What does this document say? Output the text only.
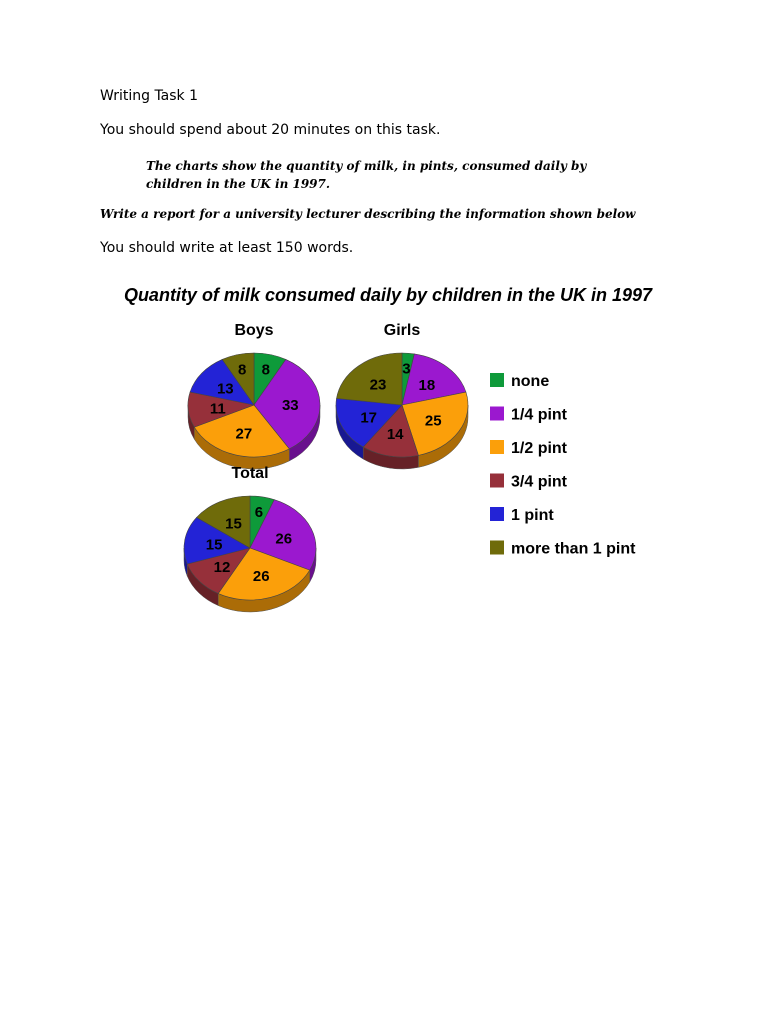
Writing Task 1
You should spend about 20 minutes on this task.
The charts show the quantity of milk, in pints, consumed daily by children in the UK in 1997.
Write a report for a university lecturer describing the information shown below
You should write at least 150 words.
Quantity of milk consumed daily by children in the UK in 1997
8
33
27
11
13
8
Boys
3
18
25
14
17
23
Girls
6
26
26
12
15
15
Total
none
1/4 pint
1/2 pint
3/4 pint
1 pint
more than 1 pint
